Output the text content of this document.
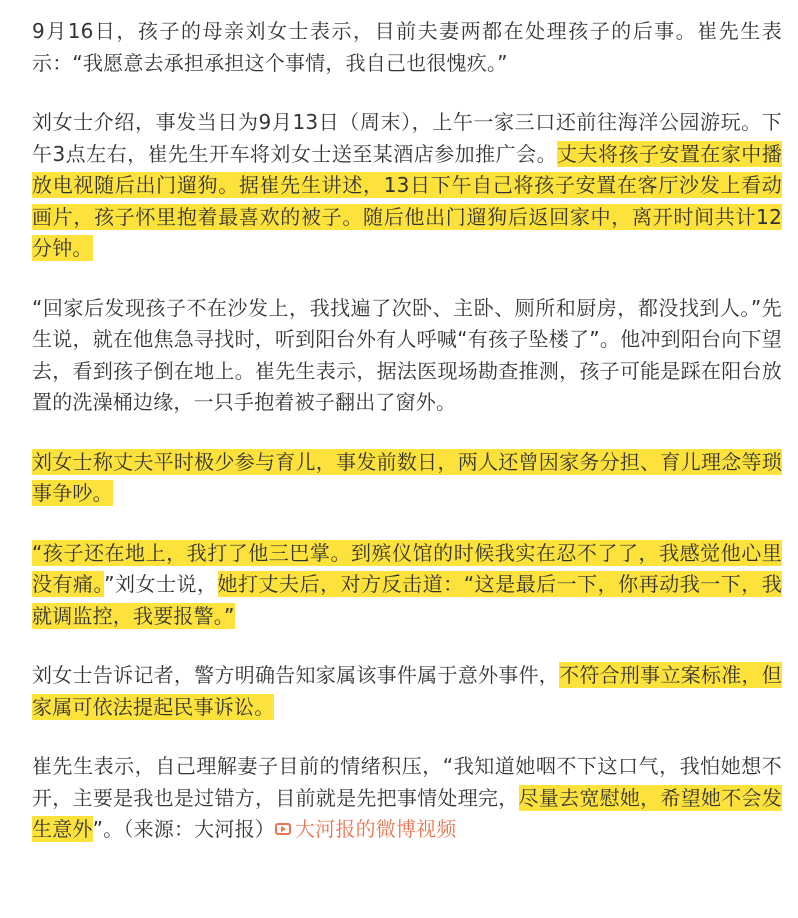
9月16日，孩子的母亲刘女士表示，目前夫妻两都在处理孩子的后事。崔先生表示：“我愿意去承担承担这个事情，我自己也很愧疚。”

刘女士介绍，事发当日为9月13日（周末），上午一家三口还前往海洋公园游玩。下午3点左右，崔先生开车将刘女士送至某酒店参加推广会。丈夫将孩子安置在家中播放电视随后出门遛狗。据崔先生讲述，13日下午自己将孩子安置在客厅沙发上看动画片，孩子怀里抱着最喜欢的被子。随后他出门遛狗后返回家中，离开时间共计12分钟。

“回家后发现孩子不在沙发上，我找遍了次卧、主卧、厕所和厨房，都没找到人。”先生说，就在他焦急寻找时，听到阳台外有人呼喊“有孩子坠楼了”。他冲到阳台向下望去，看到孩子倒在地上。崔先生表示，据法医现场勘查推测，孩子可能是踩在阳台放置的洗澡桶边缘，一只手抱着被子翻出了窗外。

刘女士称丈夫平时极少参与育儿，事发前数日，两人还曾因家务分担、育儿理念等琐事争吵。

“孩子还在地上，我打了他三巴掌。到殡仪馆的时候我实在忍不了了，我感觉他心里没有痛。”刘女士说，她打丈夫后，对方反击道：“这是最后一下，你再动我一下，我就调监控，我要报警。”

刘女士告诉记者，警方明确告知家属该事件属于意外事件，不符合刑事立案标准，但家属可依法提起民事诉讼。

崔先生表示，自己理解妻子目前的情绪积压，“我知道她咽不下这口气，我怕她想不开，主要是我也是过错方，目前就是先把事情处理完，尽量去宽慰她，希望她不会发生意外”。（来源：大河报） 大河报的微博视频
